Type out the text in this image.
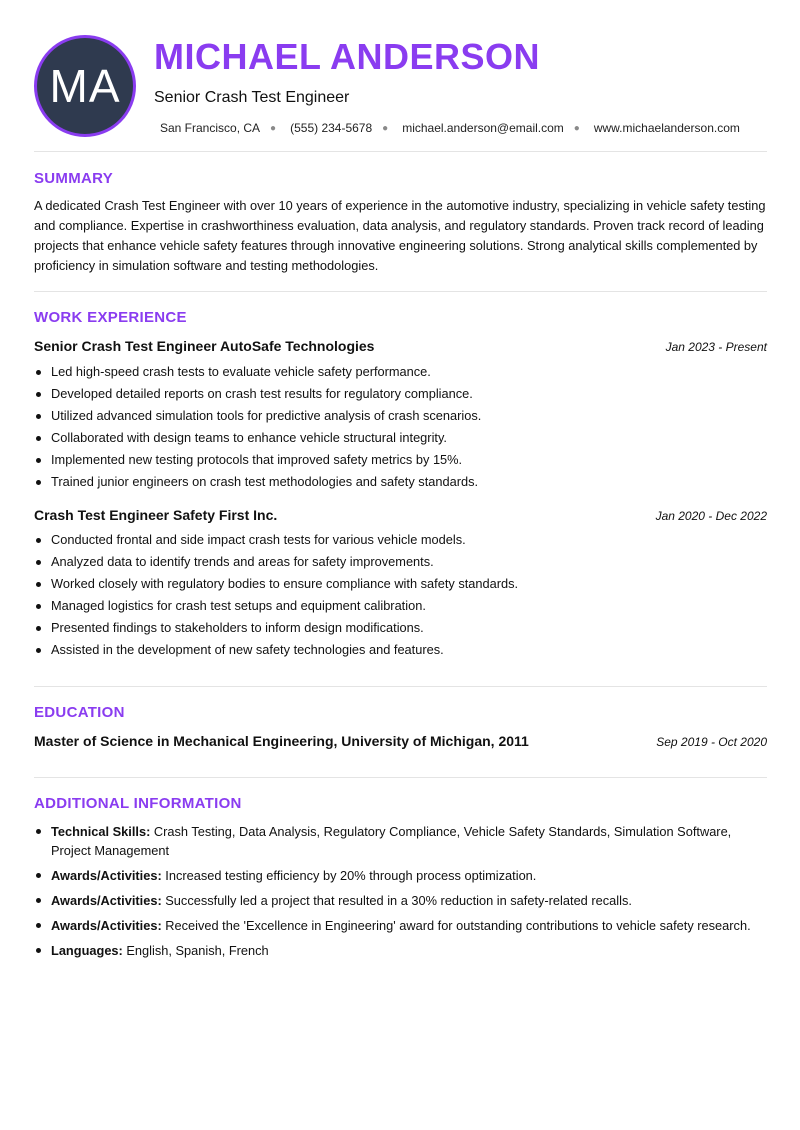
MA
MICHAEL ANDERSON
Senior Crash Test Engineer
San Francisco, CA ● (555) 234-5678 ● michael.anderson@email.com ● www.michaelanderson.com
SUMMARY
A dedicated Crash Test Engineer with over 10 years of experience in the automotive industry, specializing in vehicle safety testing and compliance. Expertise in crashworthiness evaluation, data analysis, and regulatory standards. Proven track record of leading projects that enhance vehicle safety features through innovative engineering solutions. Strong analytical skills complemented by proficiency in simulation software and testing methodologies.
WORK EXPERIENCE
Senior Crash Test Engineer AutoSafe Technologies	Jan 2023 - Present
Led high-speed crash tests to evaluate vehicle safety performance.
Developed detailed reports on crash test results for regulatory compliance.
Utilized advanced simulation tools for predictive analysis of crash scenarios.
Collaborated with design teams to enhance vehicle structural integrity.
Implemented new testing protocols that improved safety metrics by 15%.
Trained junior engineers on crash test methodologies and safety standards.
Crash Test Engineer Safety First Inc.	Jan 2020 - Dec 2022
Conducted frontal and side impact crash tests for various vehicle models.
Analyzed data to identify trends and areas for safety improvements.
Worked closely with regulatory bodies to ensure compliance with safety standards.
Managed logistics for crash test setups and equipment calibration.
Presented findings to stakeholders to inform design modifications.
Assisted in the development of new safety technologies and features.
EDUCATION
Master of Science in Mechanical Engineering, University of Michigan, 2011	Sep 2019 - Oct 2020
ADDITIONAL INFORMATION
Technical Skills: Crash Testing, Data Analysis, Regulatory Compliance, Vehicle Safety Standards, Simulation Software, Project Management
Awards/Activities: Increased testing efficiency by 20% through process optimization.
Awards/Activities: Successfully led a project that resulted in a 30% reduction in safety-related recalls.
Awards/Activities: Received the 'Excellence in Engineering' award for outstanding contributions to vehicle safety research.
Languages: English, Spanish, French
